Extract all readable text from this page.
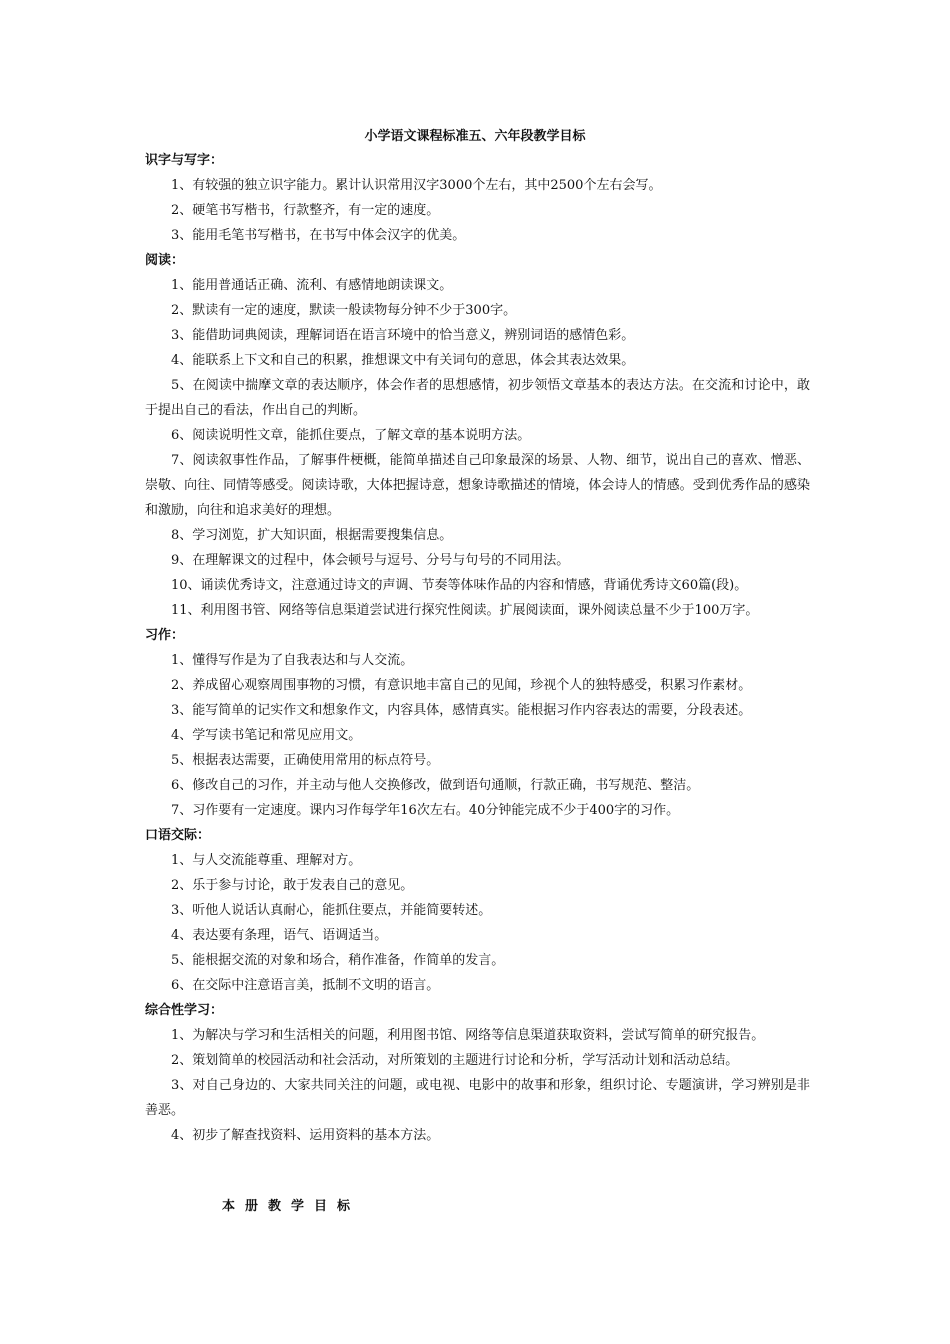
小学语文课程标准五、六年段教学目标
识字与写字：

1、有较强的独立识字能力。累计认识常用汉字3000个左右，其中2500个左右会写。

2、硬笔书写楷书，行款整齐，有一定的速度。

3、能用毛笔书写楷书，在书写中体会汉字的优美。

阅读：

1、能用普通话正确、流利、有感情地朗读课文。

2、默读有一定的速度，默读一般读物每分钟不少于300字。

3、能借助词典阅读，理解词语在语言环境中的恰当意义，辨别词语的感情色彩。

4、能联系上下文和自己的积累，推想课文中有关词句的意思，体会其表达效果。

5、在阅读中揣摩文章的表达顺序，体会作者的思想感情，初步领悟文章基本的表达方法。在交流和讨论中，敢于提出自己的看法，作出自己的判断。

6、阅读说明性文章，能抓住要点，了解文章的基本说明方法。

7、阅读叙事性作品，了解事件梗概，能简单描述自己印象最深的场景、人物、细节，说出自己的喜欢、憎恶、崇敬、向往、同情等感受。阅读诗歌，大体把握诗意，想象诗歌描述的情境，体会诗人的情感。受到优秀作品的感染和激励，向往和追求美好的理想。

8、学习浏览，扩大知识面，根据需要搜集信息。

9、在理解课文的过程中，体会顿号与逗号、分号与句号的不同用法。

10、诵读优秀诗文，注意通过诗文的声调、节奏等体味作品的内容和情感，背诵优秀诗文60篇(段)。

11、利用图书管、网络等信息渠道尝试进行探究性阅读。扩展阅读面，课外阅读总量不少于100万字。

习作：

1、懂得写作是为了自我表达和与人交流。

2、养成留心观察周围事物的习惯，有意识地丰富自己的见闻，珍视个人的独特感受，积累习作素材。

3、能写简单的记实作文和想象作文，内容具体，感情真实。能根据习作内容表达的需要，分段表述。

4、学写读书笔记和常见应用文。

5、根据表达需要，正确使用常用的标点符号。

6、修改自己的习作，并主动与他人交换修改，做到语句通顺，行款正确，书写规范、整洁。

7、习作要有一定速度。课内习作每学年16次左右。40分钟能完成不少于400字的习作。

口语交际：

1、与人交流能尊重、理解对方。

2、乐于参与讨论，敢于发表自己的意见。

3、听他人说话认真耐心，能抓住要点，并能简要转述。

4、表达要有条理，语气、语调适当。

5、能根据交流的对象和场合，稍作准备，作简单的发言。

6、在交际中注意语言美，抵制不文明的语言。

综合性学习：

1、为解决与学习和生活相关的问题，利用图书馆、网络等信息渠道获取资料，尝试写简单的研究报告。

2、策划简单的校园活动和社会活动，对所策划的主题进行讨论和分析，学写活动计划和活动总结。

3、对自己身边的、大家共同关注的问题，或电视、电影中的故事和形象，组织讨论、专题演讲，学习辨别是非善恶。

4、初步了解查找资料、运用资料的基本方法。

本册教学目标
